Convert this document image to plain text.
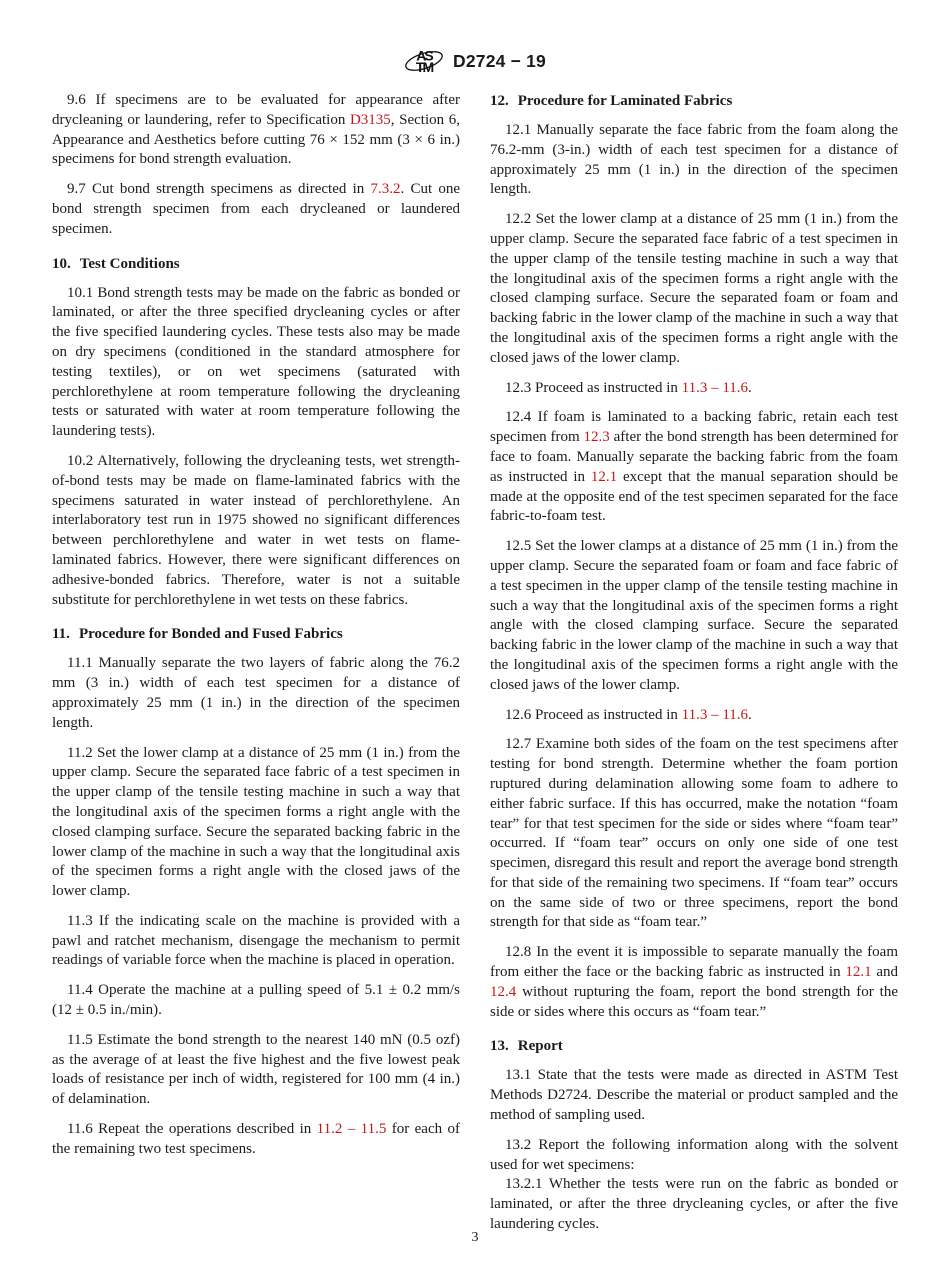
AS
TM D2724 − 19

9.6 If specimens are to be evaluated for appearance after drycleaning or laundering, refer to Specification D3135, Section 6, Appearance and Aesthetics before cutting 76 × 152 mm (3 × 6 in.) specimens for bond strength evaluation.

9.7 Cut bond strength specimens as directed in 7.3.2. Cut one bond strength specimen from each drycleaned or laundered specimen.

10. Test Conditions

10.1 Bond strength tests may be made on the fabric as bonded or laminated, or after the three specified drycleaning cycles or after the five specified laundering cycles. These tests also may be made on dry specimens (conditioned in the standard atmosphere for testing textiles), or on wet specimens (saturated with perchlorethylene at room temperature following the drycleaning tests or saturated with water at room temperature following the laundering tests).

10.2 Alternatively, following the drycleaning tests, wet strength-of-bond tests may be made on flame-laminated fabrics with the specimens saturated in water instead of perchlorethylene. An interlaboratory test run in 1975 showed no significant differences between perchlorethylene and water in wet tests on flame-laminated fabrics. However, there were significant differences on adhesive-bonded fabrics. Therefore, water is not a suitable substitute for perchlorethylene in wet tests on these fabrics.

11. Procedure for Bonded and Fused Fabrics

11.1 Manually separate the two layers of fabric along the 76.2 mm (3 in.) width of each test specimen for a distance of approximately 25 mm (1 in.) in the direction of the specimen length.

11.2 Set the lower clamp at a distance of 25 mm (1 in.) from the upper clamp. Secure the separated face fabric of a test specimen in the upper clamp of the tensile testing machine in such a way that the longitudinal axis of the specimen forms a right angle with the closed clamping surface. Secure the separated backing fabric in the lower clamp of the machine in such a way that the longitudinal axis of the specimen forms a right angle with the closed jaws of the lower clamp.

11.3 If the indicating scale on the machine is provided with a pawl and ratchet mechanism, disengage the mechanism to permit readings of variable force when the machine is placed in operation.

11.4 Operate the machine at a pulling speed of 5.1 ± 0.2 mm/s (12 ± 0.5 in./min).

11.5 Estimate the bond strength to the nearest 140 mN (0.5 ozf) as the average of at least the five highest and the five lowest peak loads of resistance per inch of width, registered for 100 mm (4 in.) of delamination.

11.6 Repeat the operations described in 11.2 – 11.5 for each of the remaining two test specimens.

12. Procedure for Laminated Fabrics

12.1 Manually separate the face fabric from the foam along the 76.2-mm (3-in.) width of each test specimen for a distance of approximately 25 mm (1 in.) in the direction of the specimen length.

12.2 Set the lower clamp at a distance of 25 mm (1 in.) from the upper clamp. Secure the separated face fabric of a test specimen in the upper clamp of the tensile testing machine in such a way that the longitudinal axis of the specimen forms a right angle with the closed clamping surface. Secure the separated foam or foam and backing fabric in the lower clamp of the machine in such a way that the longitudinal axis of the specimen forms a right angle with the closed jaws of the lower clamp.

12.3 Proceed as instructed in 11.3 – 11.6.

12.4 If foam is laminated to a backing fabric, retain each test specimen from 12.3 after the bond strength has been determined for face to foam. Manually separate the backing fabric from the foam as instructed in 12.1 except that the manual separation should be made at the opposite end of the test specimen separated for the face fabric-to-foam test.

12.5 Set the lower clamps at a distance of 25 mm (1 in.) from the upper clamp. Secure the separated foam or foam and face fabric of a test specimen in the upper clamp of the tensile testing machine in such a way that the longitudinal axis of the specimen forms a right angle with the closed clamping surface. Secure the separated backing fabric in the lower clamp of the machine in such a way that the longitudinal axis of the specimen forms a right angle with the closed jaws of the lower clamp.

12.6 Proceed as instructed in 11.3 – 11.6.

12.7 Examine both sides of the foam on the test specimens after testing for bond strength. Determine whether the foam portion ruptured during delamination allowing some foam to adhere to either fabric surface. If this has occurred, make the notation “foam tear” for that test specimen for the side or sides where “foam tear” occurred. If “foam tear” occurs on only one side of one test specimen, disregard this result and report the average bond strength for that side of the remaining two specimens. If “foam tear” occurs on the same side of two or three specimens, report the bond strength for that side as “foam tear.”

12.8 In the event it is impossible to separate manually the foam from either the face or the backing fabric as instructed in 12.1 and 12.4 without rupturing the foam, report the bond strength for the side or sides where this occurs as “foam tear.”

13. Report

13.1 State that the tests were made as directed in ASTM Test Methods D2724. Describe the material or product sampled and the method of sampling used.

13.2 Report the following information along with the solvent used for wet specimens:

13.2.1 Whether the tests were run on the fabric as bonded or laminated, or after the three drycleaning cycles, or after the five laundering cycles.

3
